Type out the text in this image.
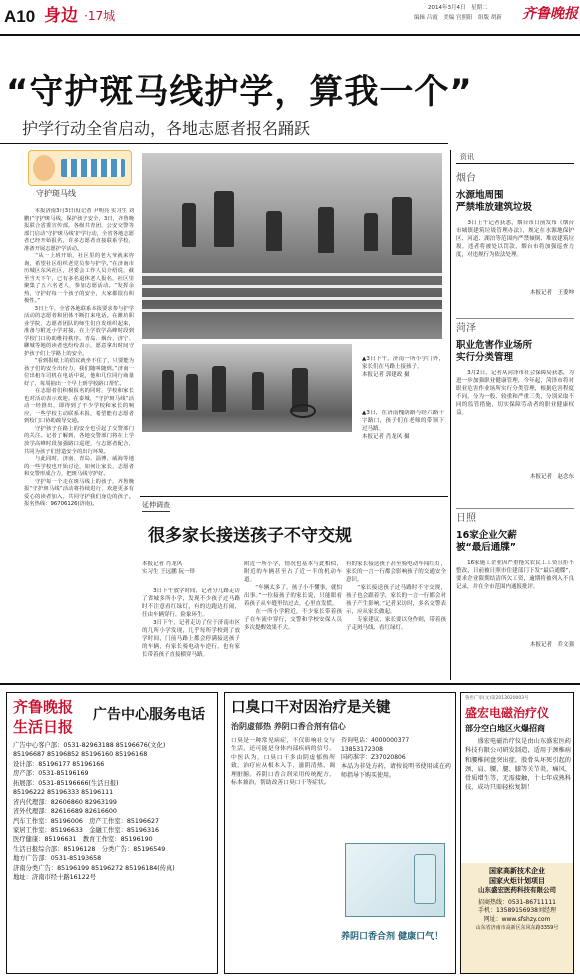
A10 身边 ·17城
2014年3月4日　星期二
编辑 吕霞　美编 宫照阳　组版 胡新 齐鲁晚报
“守护斑马线护学，算我一个”
护学行动全省启动，各地志愿者报名踊跃
守护斑马线
　　本报济南3月3日讯(记者 尹明亮 实习生 刘鹏)“守护斑马线，保护孩子安全，3日，齐鲁晚报联合省委宣传部，各级共青团、公安交警等部门启动‘守护斑马线’护学行动，全省各地志愿者已经开始报名，许多志愿者直接联系学校，准备开展志愿护学活动。
　　“从一上班开始，社区里的老大爷就来咨询，希望社区组织老党员参与护学。”在济南市历城区东风社区，居委会工作人员介绍说，截至当天下午，已有多名退休老人报名，社区里聚集了五六名老人，参加志愿活动。“发挥余热，守护好每一个孩子的安全，大家都很有积极性。”
　　3日上午，全省各地联系本报要求参与护学活动的志愿者和团体不断打来电话。在潍坊职业学院，志愿者团队的师生们自发组织起来，准备与附近小学对接，在上学放学高峰时段到学校门口协助维持秩序。青岛、烟台、济宁、聊城等地的读者也纷纷表示，愿意拿出时间守护孩子们上学路上的安全。
　　“看到报纸上的倡议就坐不住了，只要能为孩子们的安全出份力，我们随叫随到。”济南一位出租车司机在电话中说，他和几位同行商量好了，每周抽出一个早上到学校路口帮忙。
　　在志愿者们积极报名的同时，学校和家长也对活动表示欢迎。在泰城，“守护斑马线”活动一经推出，即得到了不少学校和家长的响应，一些学校主动联系本报，希望能有志愿者到校门口协助疏导交通。
　　守护孩子在路上的安全也引起了交警部门的关注。记者了解到，各地交警部门将在上学放学高峰时段加强路口巡逻，与志愿者配合，共同为孩子们营造安全的出行环境。
　　与此同时，济南、青岛、淄博、威海等地的一些学校也开始讨论，如何让家长、志愿者和交警形成合力，把斑马线守护好。
　　守护每一个走在斑马线上的孩子，齐鲁晚报“守护斑马线”活动将持续进行，欢迎更多有爱心的读者加入，共同守护我们身边的孩子。报名热线：96706126(济南)。
▲3日下午，济南一所小学门外，家长们在马路上接孩子。
本报记者 郭建政 摄
▲3日，在济南槐荫路与经六路十字路口，孩子们在老师的带领下过马路。
本报记者 肖龙风 摄
延伸调查
很多家长接送孩子不守交规
本报记者 肖龙风
实习生 王远鹏 阮一铎
　　3日下午放学时间，记者分几路走访了省城多所小学，发现不少孩子过马路时不注意看红绿灯，有的边跑边打闹，任由车辆穿行，险象环生。
　　3日下午，记者走访了位于济南市区的几所小学发现，几乎每所学校到了放学时间，门前马路上都会停满接送孩子的车辆，有家长骑电动车逆行，也有家长带着孩子直接横穿马路。
附近一所小学，情况也基本与此相似，附近的车辆甚至占了近一半的机动车道。
　　“车辆太多了，孩子小不懂事，就怕出事。”一位接孩子的家长说，只能眼看着孩子从车缝里钻过去，心里直发慌。
　　在一所小学附近，不少家长带着孩子在车流中穿行，交警和学校安保人员多次提醒效果不大。
有的家长接送孩子甚至骑电动车闯红灯，家长的一言一行都会影响孩子的交通安全意识。
　　“家长接送孩子过马路时不守交规，孩子也会跟着学，家长的一言一行都会对孩子产生影响。”记者采访时，多名交警表示，应从家长做起。
　　专家建议，家长要以身作则，带着孩子走斑马线、看红绿灯。
资讯
烟台
水源地周围
严禁堆放建筑垃圾
　　3日上午记者获悉，烟台市日前发布《烟台市城镇建筑垃圾管理办法》，规定在水源地保护区、河道、湖泊等范围内严禁倾倒、堆放建筑垃圾。违者将被处以罚款，烟台市将加强巡查力度，对违规行为依法处理。
本报记者　王委坤
菏泽
职业危害作业场所
实行分类管理
　　3月2日，记者从菏泽市社会保障局获悉，为进一步加强职业健康管理，今年起，菏泽市将对职业危害作业场所实行分类管理，根据危害程度不同，分为一般、较重和严重三类，分别采取不同的监管措施，切实保障劳动者的职业健康权益。
本报记者　赵念东
日照
16家企业欠薪
被“最后通牒”
　　16家施工企业因严重拖欠农民工工资且拒不整改，日前被日照市住建部门下发“最后通牒”，要求企业限期结清所欠工资，逾期将被列入不良记录，并在全市范围内通报批评。
本报记者　乔文强
齐鲁晚报
生活日报
广告中心服务电话
广告中心客户部：0531-82963188 85196676(文化)
85196687 85196852 85196160 85196168
设计部：85196177 85196166
房产部：0531-85196169
拓展部：0531-85196666(生活日报)
85196222 85196333 85196111
省内代理部：82606860 82963199
省外代理部：82616689 82616600
汽车工作室：85196006　房产工作室：85196627
家居工作室：85196633　金融工作室：85196316
医疗健康：85196631　教育工作室：85196190
生活日报综合部：85196128　分类广告：85196549
地方广告部：0531-85193658
济南分类广告：85196199 85196272 85196184(传真)
地址：济南市经十路16122号
口臭口干对因治疗是关键
治阴虚郁热 养阴口香合剂有信心
口臭是一种常见病症，不仅影响社交与生活，还可能是身体内部疾病的信号。中医认为，口臭口干多由阴虚郁热所致，治疗应从根本入手，滋阴清热、调理脏腑。养阴口香合剂采用传统配方，标本兼治，帮助改善口臭口干等症状。
咨询电话：4000000377
13853172308
国药准字：Z37020806
本品为非处方药，请按说明书使用或在药师指导下购买使用。
养阴口香合剂 健康口气！
鲁医广审(文)第2013020003号
盛宏电磁治疗仪
部分空白地区火爆招商
　　盛宏电磁治疗仪是由山东盛宏医药科技有限公司研发制造，适用于颈椎病和腰椎间盘突出症，股骨头坏死引起的颈、肩、腰、腿、膝等关节炎，痛风、骨质增生等，无需接触，十七年成熟科技，成功只需轻松复制！
国家高新技术企业
国家火炬计划项目
山东盛宏医药科技有限公司
招商热线：0531-86711111
手机：13589156938刘经理
网址：www.sfshzy.com
山东省济南市高新区东风东路3359号
